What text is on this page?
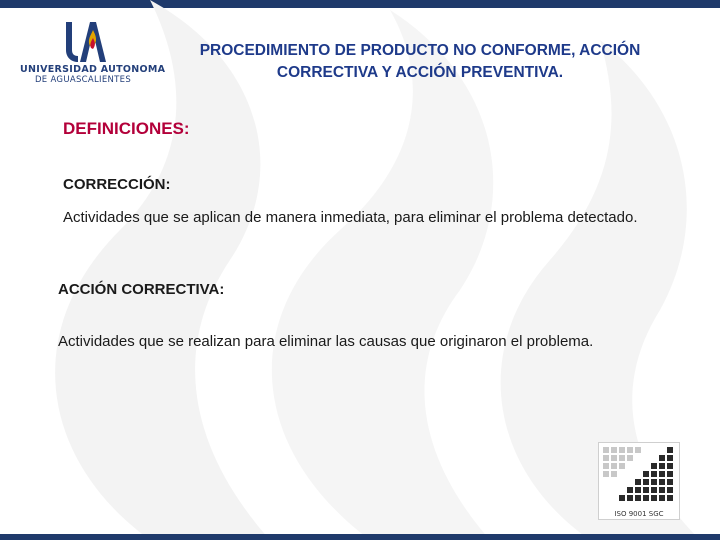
UNIVERSIDAD AUTONOMA
DE AGUASCALIENTES
PROCEDIMIENTO DE PRODUCTO NO CONFORME, ACCIÓN
CORRECTIVA Y ACCIÓN PREVENTIVA.
DEFINICIONES:
CORRECCIÓN:
Actividades que se aplican de manera inmediata, para eliminar el problema detectado.
ACCIÓN CORRECTIVA:
Actividades que se realizan para eliminar las causas que originaron el problema.
ISO 9001 SGC
